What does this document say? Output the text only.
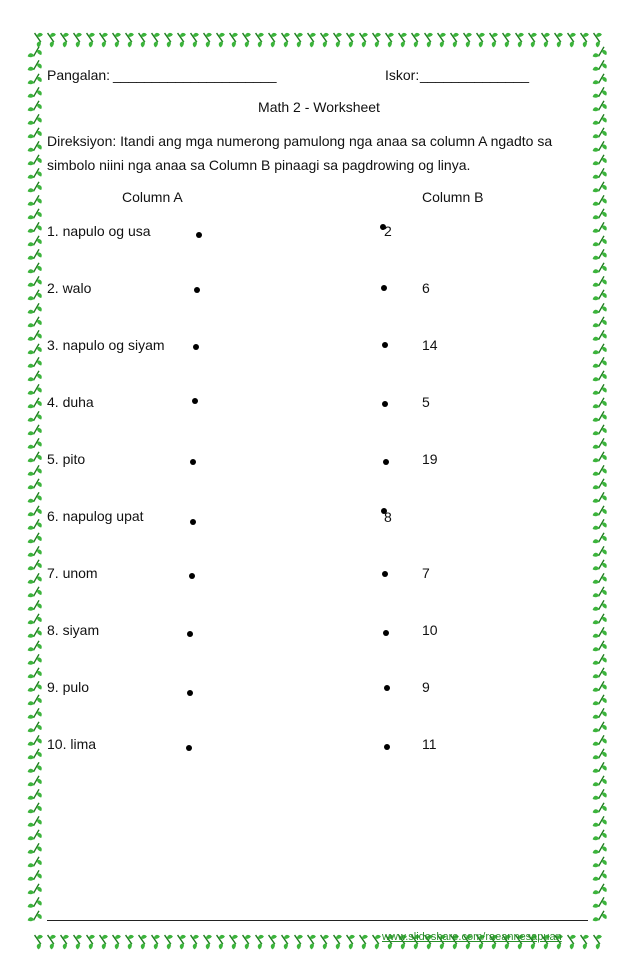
Pangalan: _____________________	Iskor: ______________
Math 2 - Worksheet
Direksiyon: Itandi ang mga numerong pamulong nga anaa sa column A ngadto sa
simbolo niini nga anaa sa Column B pinaagi sa pagdrowing og linya.
Column A	Column B
1. napulo og usa	2
2. walo	6
3. napulo og siyam	14
4. duha	5
5. pito	19
6. napulog upat	8
7. unom	7
8. siyam	10
9. pulo	9
10. lima	11
www.slideshare.com/raeannesapuan
